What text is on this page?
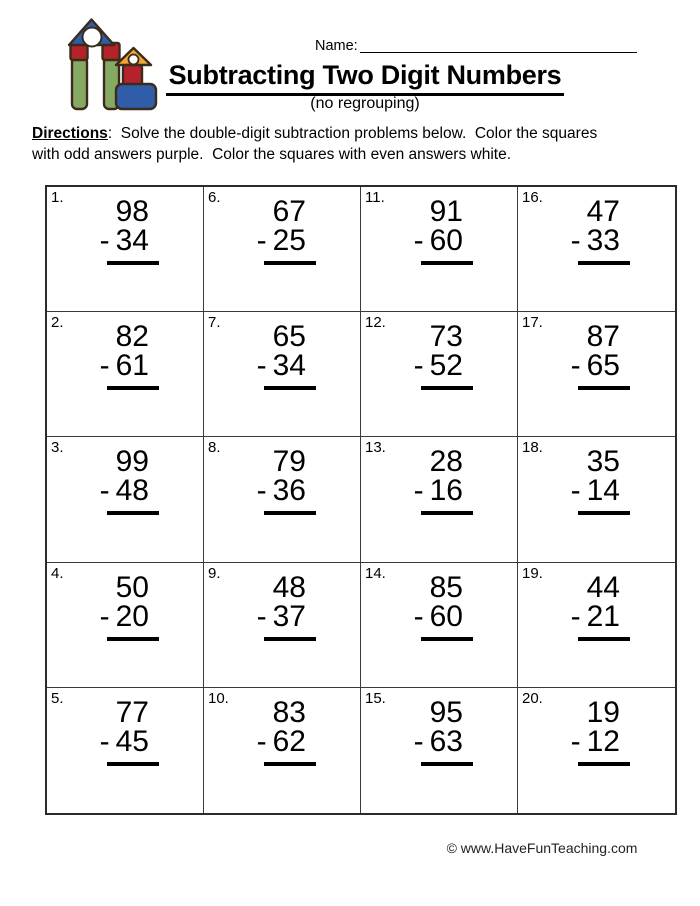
Name:
Subtracting Two Digit Numbers
(no regrouping)
Directions:  Solve the double-digit subtraction problems below.  Color the squares
with odd answers purple.  Color the squares with even answers white.
1.	98
- 34
6.	67
- 25
11.	91
- 60
16.	47
- 33
2.	82
- 61
7.	65
- 34
12.	73
- 52
17.	87
- 65
3.	99
- 48
8.	79
- 36
13.	28
- 16
18.	35
- 14
4.	50
- 20
9.	48
- 37
14.	85
- 60
19.	44
- 21
5.	77
- 45
10.	83
- 62
15.	95
- 63
20.	19
- 12
© www.HaveFunTeaching.com
